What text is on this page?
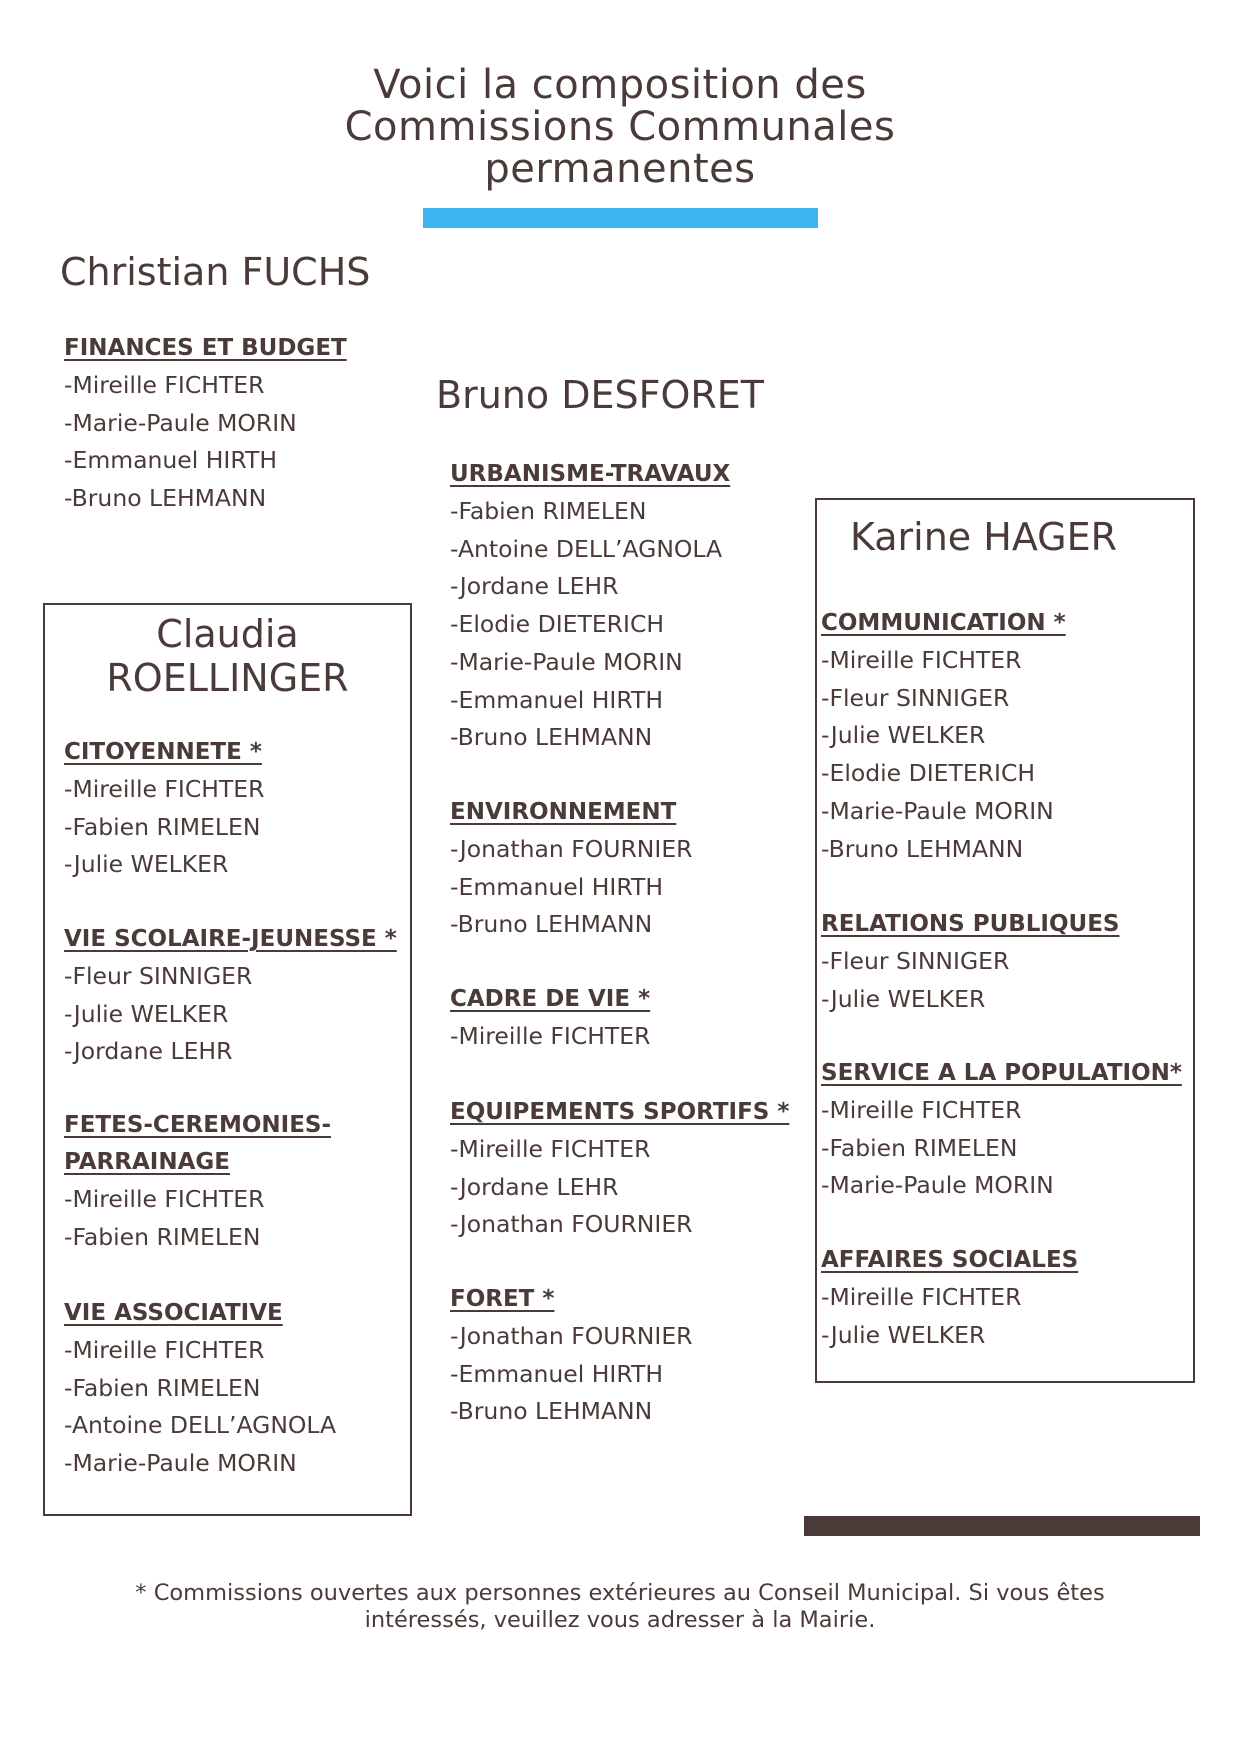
Voici la composition des
Commissions Communales
permanentes
Christian FUCHS
FINANCES ET BUDGET
-Mireille FICHTER
-Marie-Paule MORIN
-Emmanuel HIRTH
-Bruno LEHMANN
Claudia
ROELLINGER
CITOYENNETE *
-Mireille FICHTER
-Fabien RIMELEN
-Julie WELKER
VIE SCOLAIRE-JEUNESSE *
-Fleur SINNIGER
-Julie WELKER
-Jordane LEHR
FETES-CEREMONIES-
PARRAINAGE
-Mireille FICHTER
-Fabien RIMELEN
VIE ASSOCIATIVE
-Mireille FICHTER
-Fabien RIMELEN
-Antoine DELL’AGNOLA
-Marie-Paule MORIN
Bruno DESFORET
URBANISME-TRAVAUX
-Fabien RIMELEN
-Antoine DELL’AGNOLA
-Jordane LEHR
-Elodie DIETERICH
-Marie-Paule MORIN
-Emmanuel HIRTH
-Bruno LEHMANN
ENVIRONNEMENT
-Jonathan FOURNIER
-Emmanuel HIRTH
-Bruno LEHMANN
CADRE DE VIE *
-Mireille FICHTER
EQUIPEMENTS SPORTIFS *
-Mireille FICHTER
-Jordane LEHR
-Jonathan FOURNIER
FORET *
-Jonathan FOURNIER
-Emmanuel HIRTH
-Bruno LEHMANN
Karine HAGER
COMMUNICATION *
-Mireille FICHTER
-Fleur SINNIGER
-Julie WELKER
-Elodie DIETERICH
-Marie-Paule MORIN
-Bruno LEHMANN
RELATIONS PUBLIQUES
-Fleur SINNIGER
-Julie WELKER
SERVICE A LA POPULATION*
-Mireille FICHTER
-Fabien RIMELEN
-Marie-Paule MORIN
AFFAIRES SOCIALES
-Mireille FICHTER
-Julie WELKER
* Commissions ouvertes aux personnes extérieures au Conseil Municipal. Si vous êtes
intéressés, veuillez vous adresser à la Mairie.
